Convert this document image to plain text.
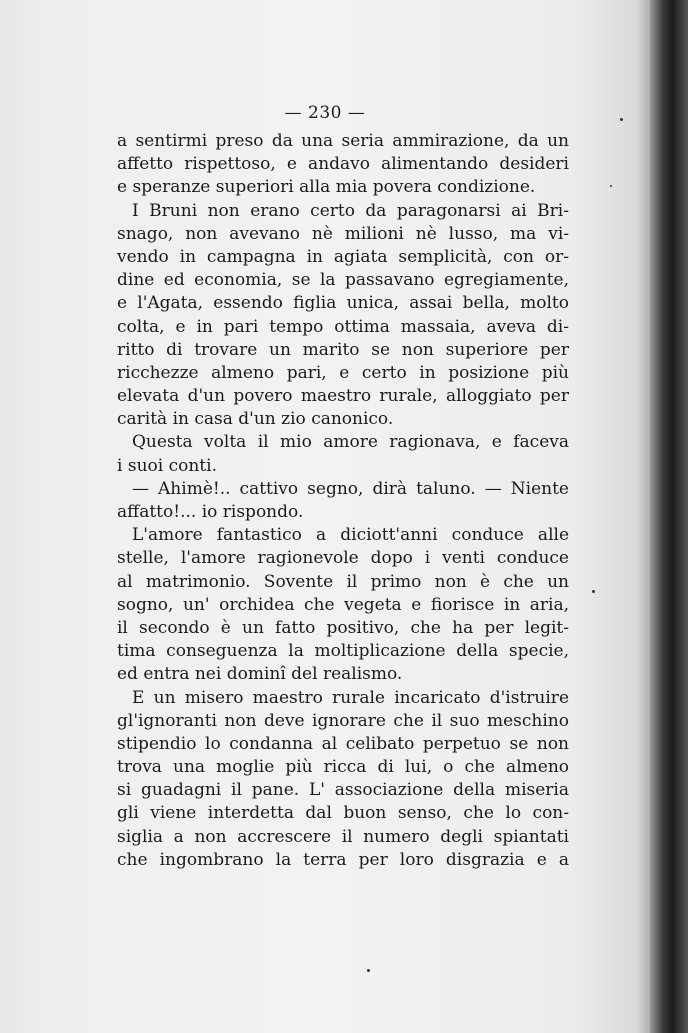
— 230 —
a sentirmi preso da una seria ammirazione, da un
affetto rispettoso, e andavo alimentando desideri
e speranze superiori alla mia povera condizione.
I Bruni non erano certo da paragonarsi ai Bri-
snago, non avevano nè milioni nè lusso, ma vi-
vendo in campagna in agiata semplicità, con or-
dine ed economia, se la passavano egregiamente,
e l'Agata, essendo figlia unica, assai bella, molto
colta, e in pari tempo ottima massaia, aveva di-
ritto di trovare un marito se non superiore per
ricchezze almeno pari, e certo in posizione più
elevata d'un povero maestro rurale, alloggiato per
carità in casa d'un zio canonico.
Questa volta il mio amore ragionava, e faceva
i suoi conti.
— Ahimè!.. cattivo segno, dirà taluno. — Niente
affatto!... io rispondo.
L'amore fantastico a diciott'anni conduce alle
stelle, l'amore ragionevole dopo i venti conduce
al matrimonio. Sovente il primo non è che un
sogno, un' orchidea che vegeta e fiorisce in aria,
il secondo è un fatto positivo, che ha per legit-
tima conseguenza la moltiplicazione della specie,
ed entra nei dominî del realismo.
E un misero maestro rurale incaricato d'istruire
gl'ignoranti non deve ignorare che il suo meschino
stipendio lo condanna al celibato perpetuo se non
trova una moglie più ricca di lui, o che almeno
si guadagni il pane. L' associazione della miseria
gli viene interdetta dal buon senso, che lo con-
siglia a non accrescere il numero degli spiantati
che ingombrano la terra per loro disgrazia e a
